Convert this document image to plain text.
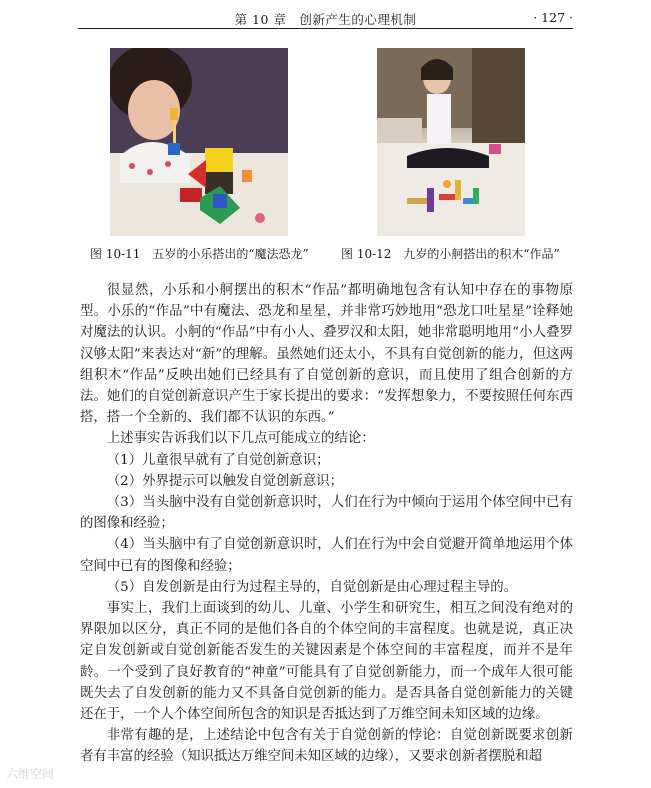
第 10 章　创新产生的心理机制	· 127 ·
图 10-11　五岁的小乐搭出的“魔法恐龙”	图 10-12　九岁的小舸搭出的积木“作品”

很显然，小乐和小舸摆出的积木“作品”都明确地包含有认知中存在的事物原型。小乐的“作品”中有魔法、恐龙和星星，并非常巧妙地用“恐龙口吐星星”诠释她对魔法的认识。小舸的“作品”中有小人、叠罗汉和太阳，她非常聪明地用“小人叠罗汉够太阳”来表达对“新”的理解。虽然她们还太小，不具有自觉创新的能力，但这两组积木“作品”反映出她们已经具有了自觉创新的意识，而且使用了组合创新的方法。她们的自觉创新意识产生于家长提出的要求：“发挥想象力，不要按照任何东西搭，搭一个全新的、我们都不认识的东西。”

上述事实告诉我们以下几点可能成立的结论：

（1）儿童很早就有了自觉创新意识；

（2）外界提示可以触发自觉创新意识；

（3）当头脑中没有自觉创新意识时，人们在行为中倾向于运用个体空间中已有的图像和经验；

（4）当头脑中有了自觉创新意识时，人们在行为中会自觉避开简单地运用个体空间中已有的图像和经验；

（5）自发创新是由行为过程主导的，自觉创新是由心理过程主导的。

事实上，我们上面谈到的幼儿、儿童、小学生和研究生，相互之间没有绝对的界限加以区分，真正不同的是他们各自的个体空间的丰富程度。也就是说，真正决定自发创新或自觉创新能否发生的关键因素是个体空间的丰富程度，而并不是年龄。一个受到了良好教育的“神童”可能具有了自觉创新能力，而一个成年人很可能既失去了自发创新的能力又不具备自觉创新的能力。是否具备自觉创新能力的关键还在于，一个人个体空间所包含的知识是否抵达到了万维空间未知区域的边缘。

非常有趣的是，上述结论中包含有关于自觉创新的悖论：自觉创新既要求创新者有丰富的经验（知识抵达万维空间未知区域的边缘），又要求创新者摆脱和超

六维空间
